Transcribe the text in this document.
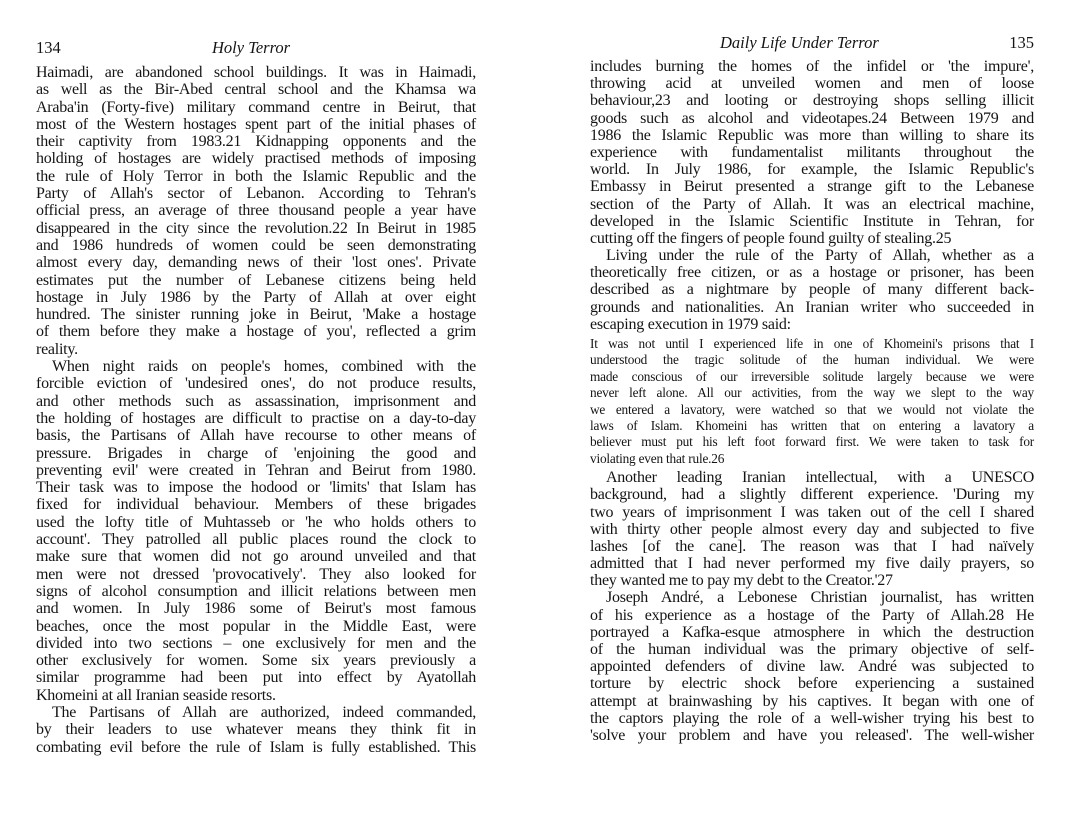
134	Holy Terror
Haimadi, are abandoned school buildings. It was in Haimadi,
as well as the Bir-Abed central school and the Khamsa wa
Araba'in (Forty-five) military command centre in Beirut, that
most of the Western hostages spent part of the initial phases of
their captivity from 1983.21 Kidnapping opponents and the
holding of hostages are widely practised methods of imposing
the rule of Holy Terror in both the Islamic Republic and the
Party of Allah's sector of Lebanon. According to Tehran's
official press, an average of three thousand people a year have
disappeared in the city since the revolution.22 In Beirut in 1985
and 1986 hundreds of women could be seen demonstrating
almost every day, demanding news of their 'lost ones'. Private
estimates put the number of Lebanese citizens being held
hostage in July 1986 by the Party of Allah at over eight
hundred. The sinister running joke in Beirut, 'Make a hostage
of them before they make a hostage of you', reflected a grim
reality.
When night raids on people's homes, combined with the
forcible eviction of 'undesired ones', do not produce results,
and other methods such as assassination, imprisonment and
the holding of hostages are difficult to practise on a day-to-day
basis, the Partisans of Allah have recourse to other means of
pressure. Brigades in charge of 'enjoining the good and
preventing evil' were created in Tehran and Beirut from 1980.
Their task was to impose the hodood or 'limits' that Islam has
fixed for individual behaviour. Members of these brigades
used the lofty title of Muhtasseb or 'he who holds others to
account'. They patrolled all public places round the clock to
make sure that women did not go around unveiled and that
men were not dressed 'provocatively'. They also looked for
signs of alcohol consumption and illicit relations between men
and women. In July 1986 some of Beirut's most famous
beaches, once the most popular in the Middle East, were
divided into two sections – one exclusively for men and the
other exclusively for women. Some six years previously a
similar programme had been put into effect by Ayatollah
Khomeini at all Iranian seaside resorts.
The Partisans of Allah are authorized, indeed commanded,
by their leaders to use whatever means they think fit in
combating evil before the rule of Islam is fully established. This
Daily Life Under Terror	135
includes burning the homes of the infidel or 'the impure',
throwing acid at unveiled women and men of loose
behaviour,23 and looting or destroying shops selling illicit
goods such as alcohol and videotapes.24 Between 1979 and
1986 the Islamic Republic was more than willing to share its
experience with fundamentalist militants throughout the
world. In July 1986, for example, the Islamic Republic's
Embassy in Beirut presented a strange gift to the Lebanese
section of the Party of Allah. It was an electrical machine,
developed in the Islamic Scientific Institute in Tehran, for
cutting off the fingers of people found guilty of stealing.25
Living under the rule of the Party of Allah, whether as a
theoretically free citizen, or as a hostage or prisoner, has been
described as a nightmare by people of many different back-
grounds and nationalities. An Iranian writer who succeeded in
escaping execution in 1979 said:
It was not until I experienced life in one of Khomeini's prisons that I
understood the tragic solitude of the human individual. We were
made conscious of our irreversible solitude largely because we were
never left alone. All our activities, from the way we slept to the way
we entered a lavatory, were watched so that we would not violate the
laws of Islam. Khomeini has written that on entering a lavatory a
believer must put his left foot forward first. We were taken to task for
violating even that rule.26
Another leading Iranian intellectual, with a UNESCO
background, had a slightly different experience. 'During my
two years of imprisonment I was taken out of the cell I shared
with thirty other people almost every day and subjected to five
lashes [of the cane]. The reason was that I had naïvely
admitted that I had never performed my five daily prayers, so
they wanted me to pay my debt to the Creator.'27
Joseph André, a Lebonese Christian journalist, has written
of his experience as a hostage of the Party of Allah.28 He
portrayed a Kafka-esque atmosphere in which the destruction
of the human individual was the primary objective of self-
appointed defenders of divine law. André was subjected to
torture by electric shock before experiencing a sustained
attempt at brainwashing by his captives. It began with one of
the captors playing the role of a well-wisher trying his best to
'solve your problem and have you released'. The well-wisher
